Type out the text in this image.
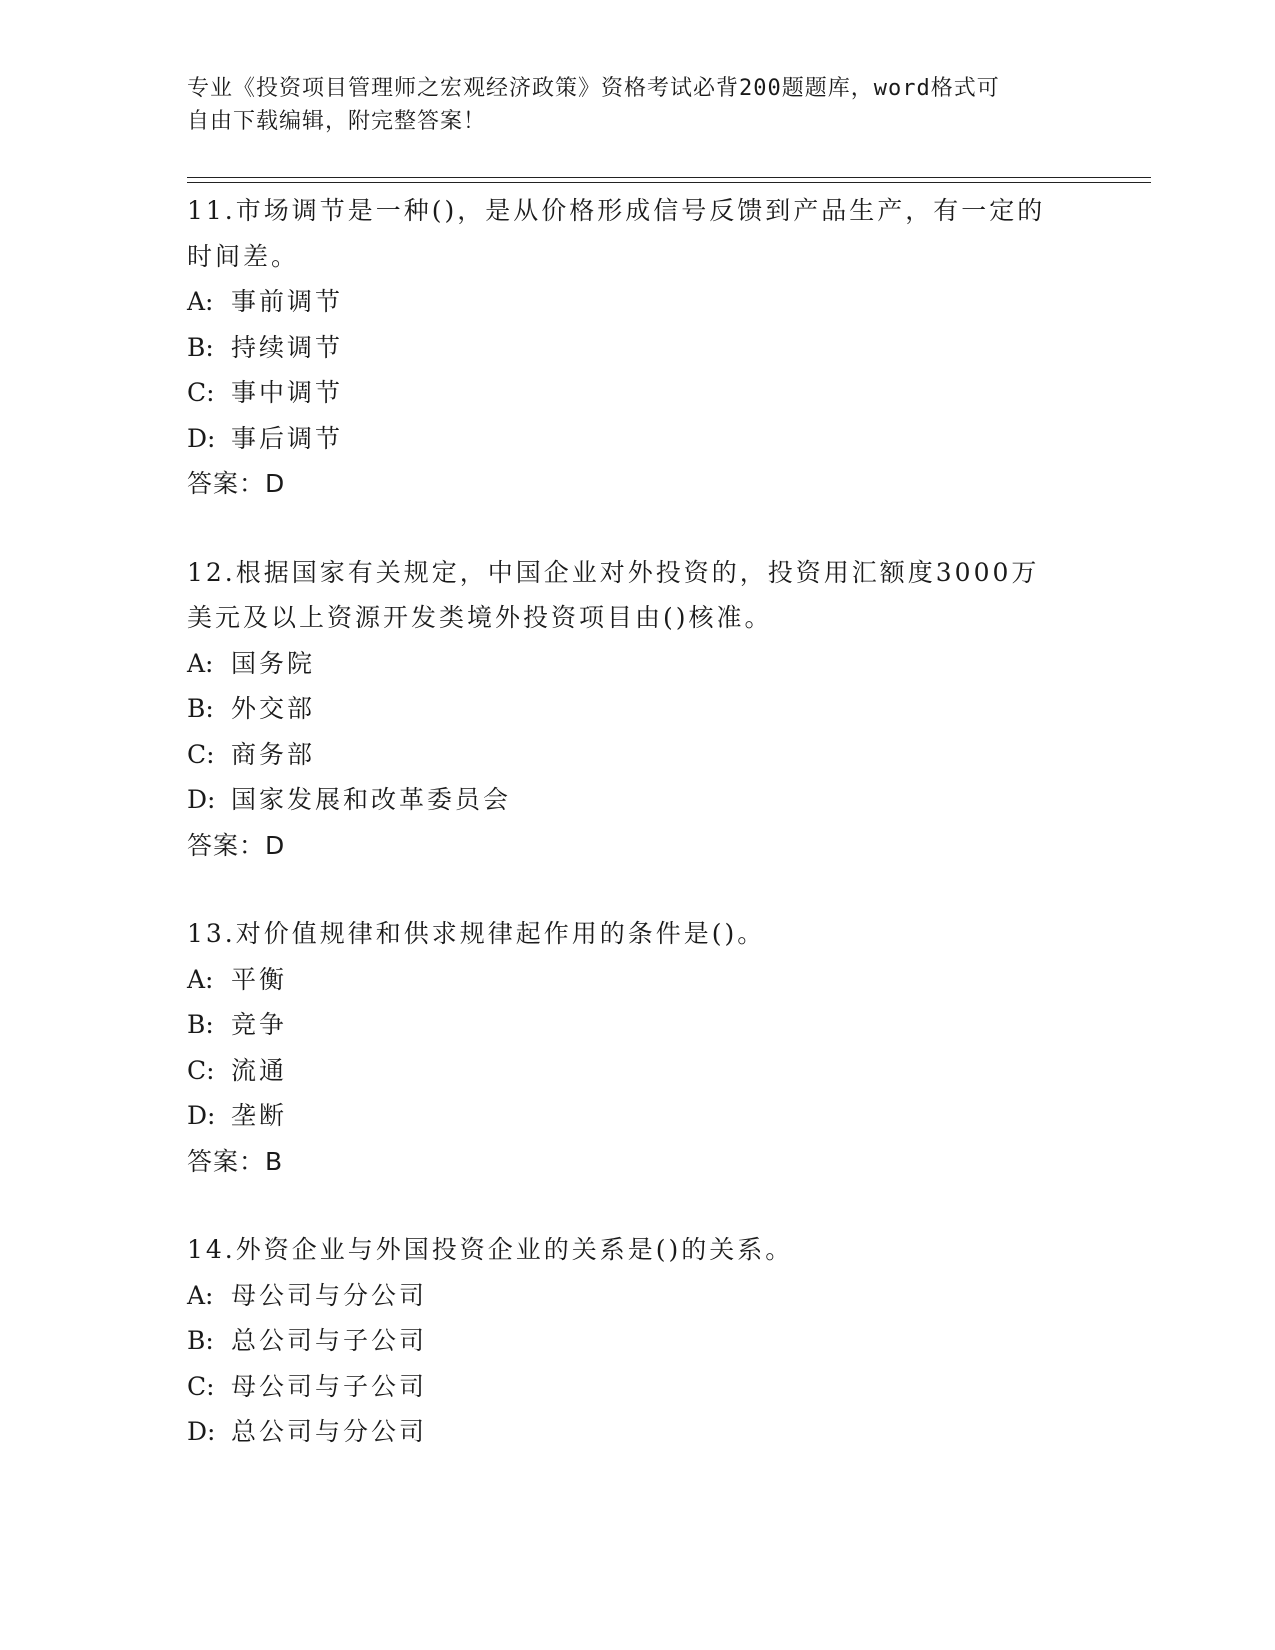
专业《投资项目管理师之宏观经济政策》资格考试必背200题题库，word格式可
自由下载编辑，附完整答案！
11.市场调节是一种()，是从价格形成信号反馈到产品生产，有一定的
时间差。
A: 事前调节
B: 持续调节
C: 事中调节
D: 事后调节
答案：D
12.根据国家有关规定，中国企业对外投资的，投资用汇额度3000万
美元及以上资源开发类境外投资项目由()核准。
A: 国务院
B: 外交部
C: 商务部
D: 国家发展和改革委员会
答案：D
13.对价值规律和供求规律起作用的条件是()。
A: 平衡
B: 竞争
C: 流通
D: 垄断
答案：B
14.外资企业与外国投资企业的关系是()的关系。
A: 母公司与分公司
B: 总公司与子公司
C: 母公司与子公司
D: 总公司与分公司
